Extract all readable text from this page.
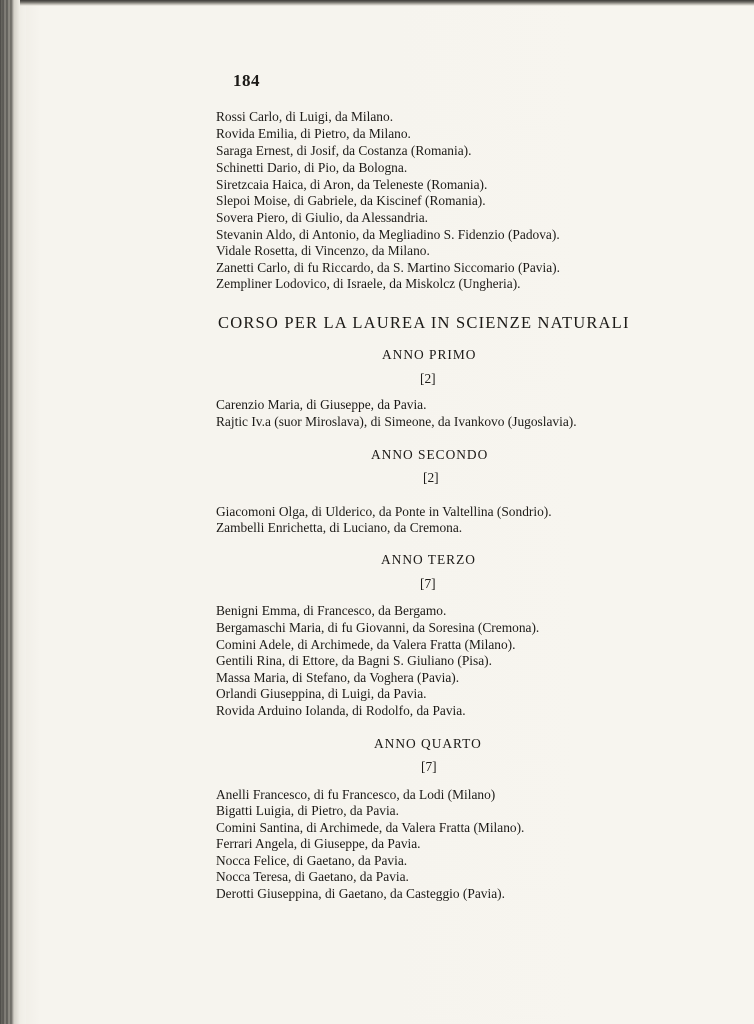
184
Rossi Carlo, di Luigi, da Milano.
Rovida Emilia, di Pietro, da Milano.
Saraga Ernest, di Josif, da Costanza (Romania).
Schinetti Dario, di Pio, da Bologna.
Siretzcaia Haica, di Aron, da Teleneste (Romania).
Slepoi Moise, di Gabriele, da Kiscinef (Romania).
Sovera Piero, di Giulio, da Alessandria.
Stevanin Aldo, di Antonio, da Megliadino S. Fidenzio (Padova).
Vidale Rosetta, di Vincenzo, da Milano.
Zanetti Carlo, di fu Riccardo, da S. Martino Siccomario (Pavia).
Zempliner Lodovico, di Israele, da Miskolcz (Ungheria).
CORSO PER LA LAUREA IN SCIENZE NATURALI
ANNO PRIMO
[2]
Carenzio Maria, di Giuseppe, da Pavia.
Rajtic Iv.a (suor Miroslava), di Simeone, da Ivankovo (Jugoslavia).
ANNO SECONDO
[2]
Giacomoni Olga, di Ulderico, da Ponte in Valtellina (Sondrio).
Zambelli Enrichetta, di Luciano, da Cremona.
ANNO TERZO
[7]
Benigni Emma, di Francesco, da Bergamo.
Bergamaschi Maria, di fu Giovanni, da Soresina (Cremona).
Comini Adele, di Archimede, da Valera Fratta (Milano).
Gentili Rina, di Ettore, da Bagni S. Giuliano (Pisa).
Massa Maria, di Stefano, da Voghera (Pavia).
Orlandi Giuseppina, di Luigi, da Pavia.
Rovida Arduino Iolanda, di Rodolfo, da Pavia.
ANNO QUARTO
[7]
Anelli Francesco, di fu Francesco, da Lodi (Milano)
Bigatti Luigia, di Pietro, da Pavia.
Comini Santina, di Archimede, da Valera Fratta (Milano).
Ferrari Angela, di Giuseppe, da Pavia.
Nocca Felice, di Gaetano, da Pavia.
Nocca Teresa, di Gaetano, da Pavia.
Derotti Giuseppina, di Gaetano, da Casteggio (Pavia).
